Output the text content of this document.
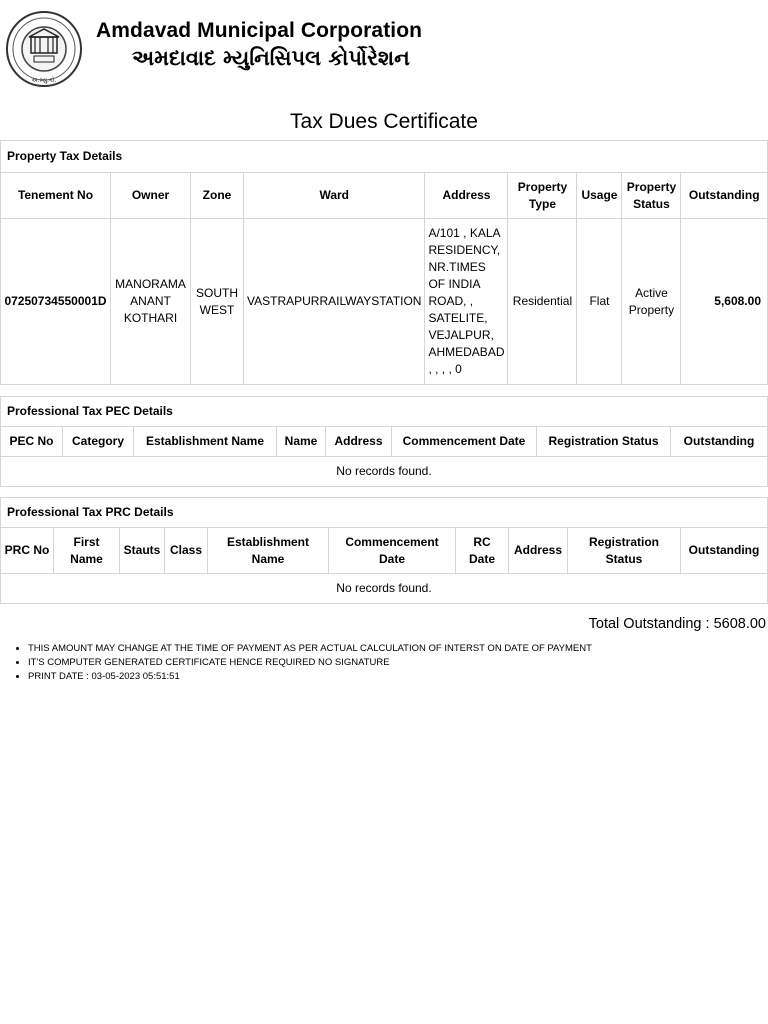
અ.મ્યુ.કો.
Amdavad Municipal Corporation
અમદાવાદ મ્યુનિસિપલ કોર્પોરેશન
Tax Dues Certificate
Property Tax Details								
Tenement No	Owner	Zone	Ward	Address	Property Type	Usage	Property Status	Outstanding
07250734550001D	MANORAMA ANANT KOTHARI	SOUTH WEST	VASTRAPURRAILWAYSTATION	A/101 , KALA RESIDENCY, NR.TIMES OF INDIA ROAD, , SATELITE, VEJALPUR, AHMEDABAD , , , , 0	Residential	Flat	Active Property	5,608.00
Professional Tax PEC Details
PEC No	Category	Establishment Name	Name	Address	Commencement Date	Registration Status	Outstanding
No records found.
Professional Tax PRC Details
PRC No	First Name	Stauts	Class	Establishment Name	Commencement Date	RC Date	Address	Registration Status	Outstanding
No records found.
Total Outstanding : 5608.00
• THIS AMOUNT MAY CHANGE AT THE TIME OF PAYMENT AS PER ACTUAL CALCULATION OF INTERST ON DATE OF PAYMENT
• IT'S COMPUTER GENERATED CERTIFICATE HENCE REQUIRED NO SIGNATURE
• PRINT DATE : 03-05-2023 05:51:51
